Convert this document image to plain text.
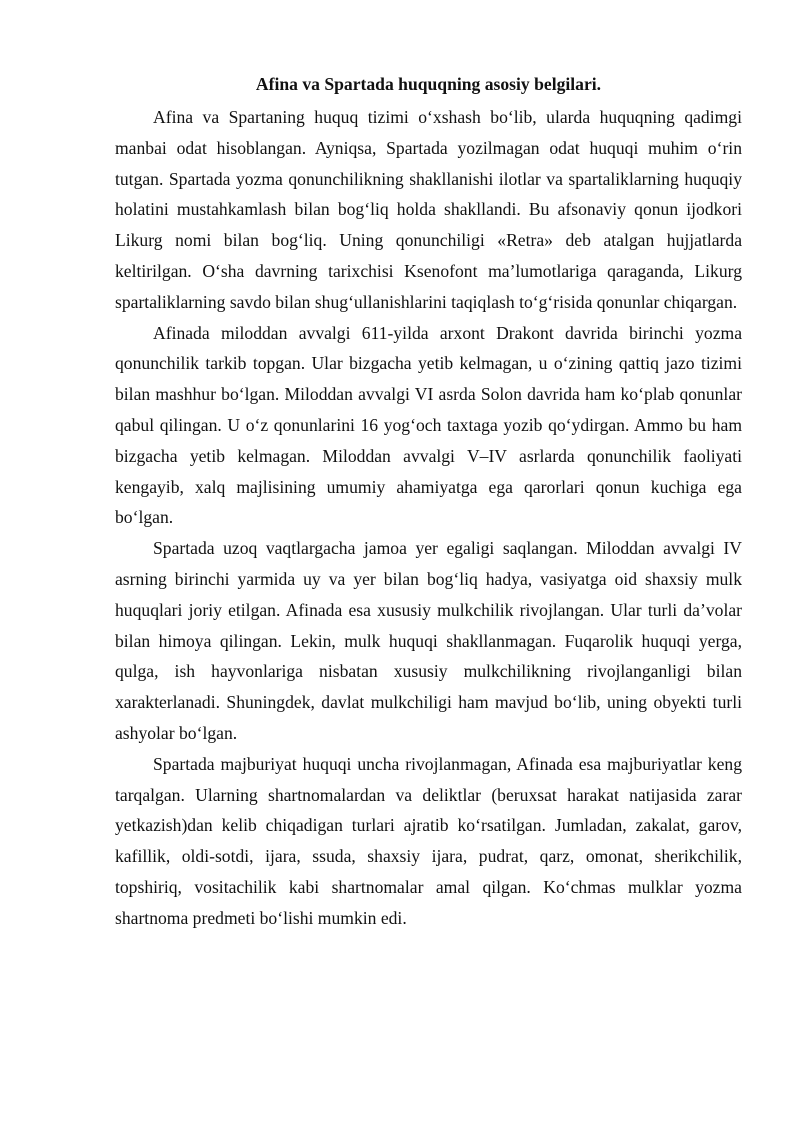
Afina va Spartada huquqning asosiy belgilari.

Afina va Spartaning huquq tizimi o‘xshash bo‘lib, ularda huquqning qadimgi manbai odat hisoblangan. Ayniqsa, Spartada yozilmagan odat huquqi muhim o‘rin tutgan. Spartada yozma qonunchilikning shakllanishi ilotlar va spartaliklarning huquqiy holatini mustahkamlash bilan bog‘liq holda shakllandi. Bu afsonaviy qonun ijodkori Likurg nomi bilan bog‘liq. Uning qonunchiligi «Retra» deb atalgan hujjatlarda keltirilgan. O‘sha davrning tarixchisi Ksenofont ma’lumotlariga qaraganda, Likurg spartaliklarning savdo bilan shug‘ullanishlarini taqiqlash to‘g‘risida qonunlar chiqargan.

Afinada miloddan avvalgi 611-yilda arxont Drakont davrida birinchi yozma qonunchilik tarkib topgan. Ular bizgacha yetib kelmagan, u o‘zining qattiq jazo tizimi bilan mashhur bo‘lgan. Miloddan avvalgi VI asrda Solon davrida ham ko‘plab qonunlar qabul qilingan. U o‘z qonunlarini 16 yog‘och taxtaga yozib qo‘ydirgan. Ammo bu ham bizgacha yetib kelmagan. Miloddan avvalgi V–IV asrlarda qonunchilik faoliyati kengayib, xalq majlisining umumiy ahamiyatga ega qarorlari qonun kuchiga ega bo‘lgan.

Spartada uzoq vaqtlargacha jamoa yer egaligi saqlangan. Miloddan avvalgi IV asrning birinchi yarmida uy va yer bilan bog‘liq hadya, vasiyatga oid shaxsiy mulk huquqlari joriy etilgan. Afinada esa xususiy mulkchilik rivojlangan. Ular turli da’volar bilan himoya qilingan. Lekin, mulk huquqi shakllanmagan. Fuqarolik huquqi yerga, qulga, ish hayvonlariga nisbatan xususiy mulkchilikning rivojlanganligi bilan xarakterlanadi. Shuningdek, davlat mulkchiligi ham mavjud bo‘lib, uning obyekti turli ashyolar bo‘lgan.

Spartada majburiyat huquqi uncha rivojlanmagan, Afinada esa majburiyatlar keng tarqalgan. Ularning shartnomalardan va deliktlar (beruxsat harakat natijasida zarar yetkazish)dan kelib chiqadigan turlari ajratib ko‘rsatilgan. Jumladan, zakalat, garov, kafillik, oldi-sotdi, ijara, ssuda, shaxsiy ijara, pudrat, qarz, omonat, sherikchilik, topshiriq, vositachilik kabi shartnomalar amal qilgan. Ko‘chmas mulklar yozma shartnoma predmeti bo‘lishi mumkin edi.
